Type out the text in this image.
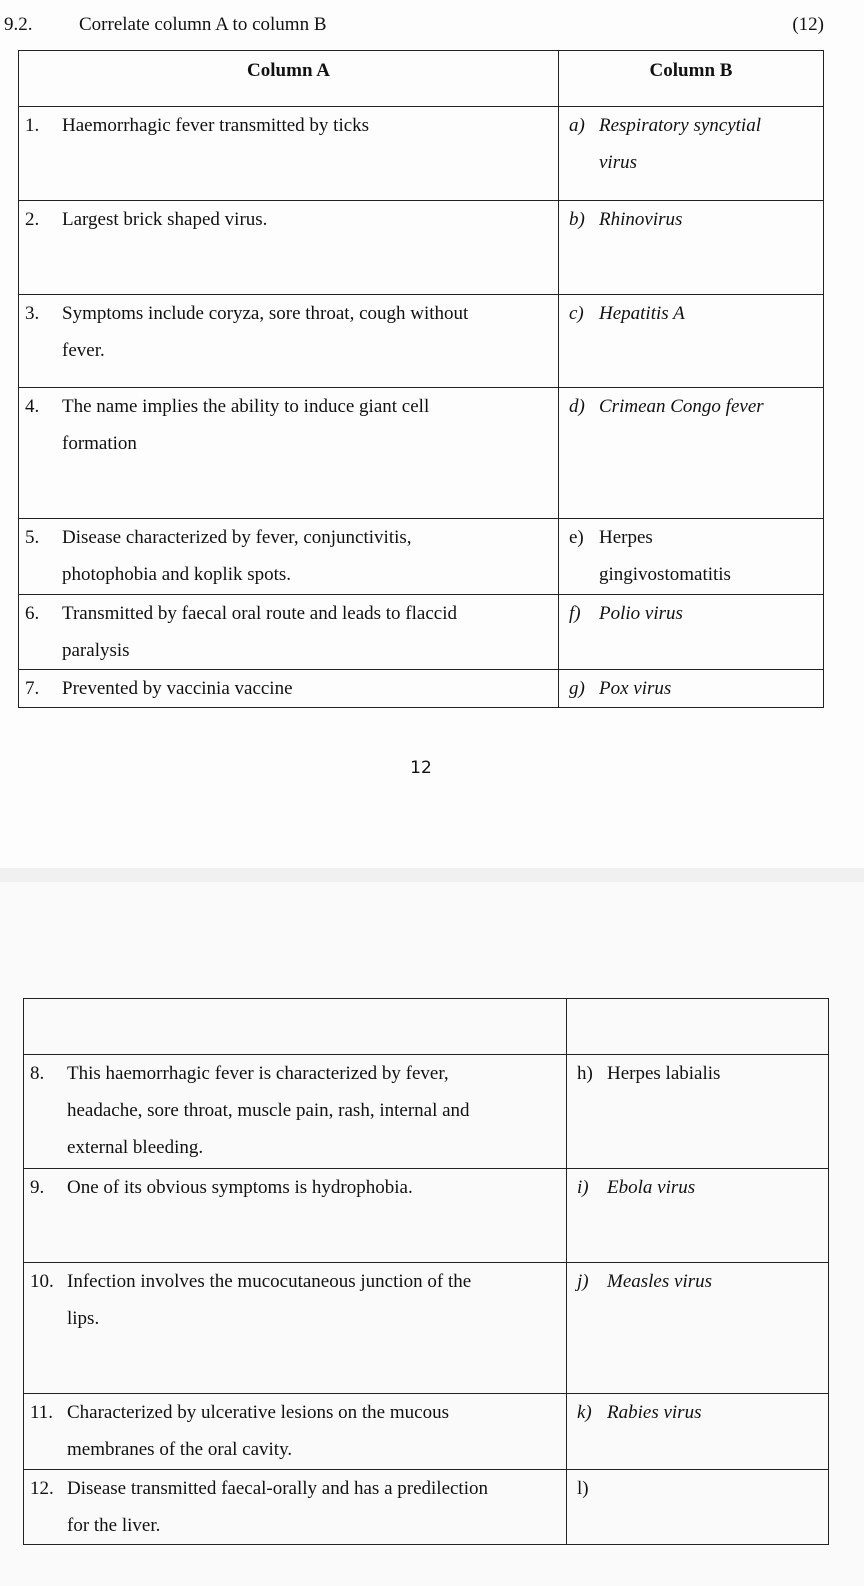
9.2. Correlate column A to column B	(12)
Column A	Column B

1. Haemorrhagic fever transmitted by ticks	a) Respiratory syncytial
virus

2. Largest brick shaped virus.	b) Rhinovirus

3. Symptoms include coryza, sore throat, cough without
fever.	c) Hepatitis A

4. The name implies the ability to induce giant cell
formation	d) Crimean Congo fever

5. Disease characterized by fever, conjunctivitis,
photophobia and koplik spots.	e) Herpes
gingivostomatitis

6. Transmitted by faecal oral route and leads to flaccid
paralysis	f) Polio virus

7. Prevented by vaccinia vaccine	g) Pox virus
12

8. This haemorrhagic fever is characterized by fever,
headache, sore throat, muscle pain, rash, internal and
external bleeding.	h) Herpes labialis

9. One of its obvious symptoms is hydrophobia.	i) Ebola virus

10. Infection involves the mucocutaneous junction of the
lips.	j) Measles virus

11. Characterized by ulcerative lesions on the mucous
membranes of the oral cavity.	k) Rabies virus

12. Disease transmitted faecal-orally and has a predilection
for the liver.	l)
